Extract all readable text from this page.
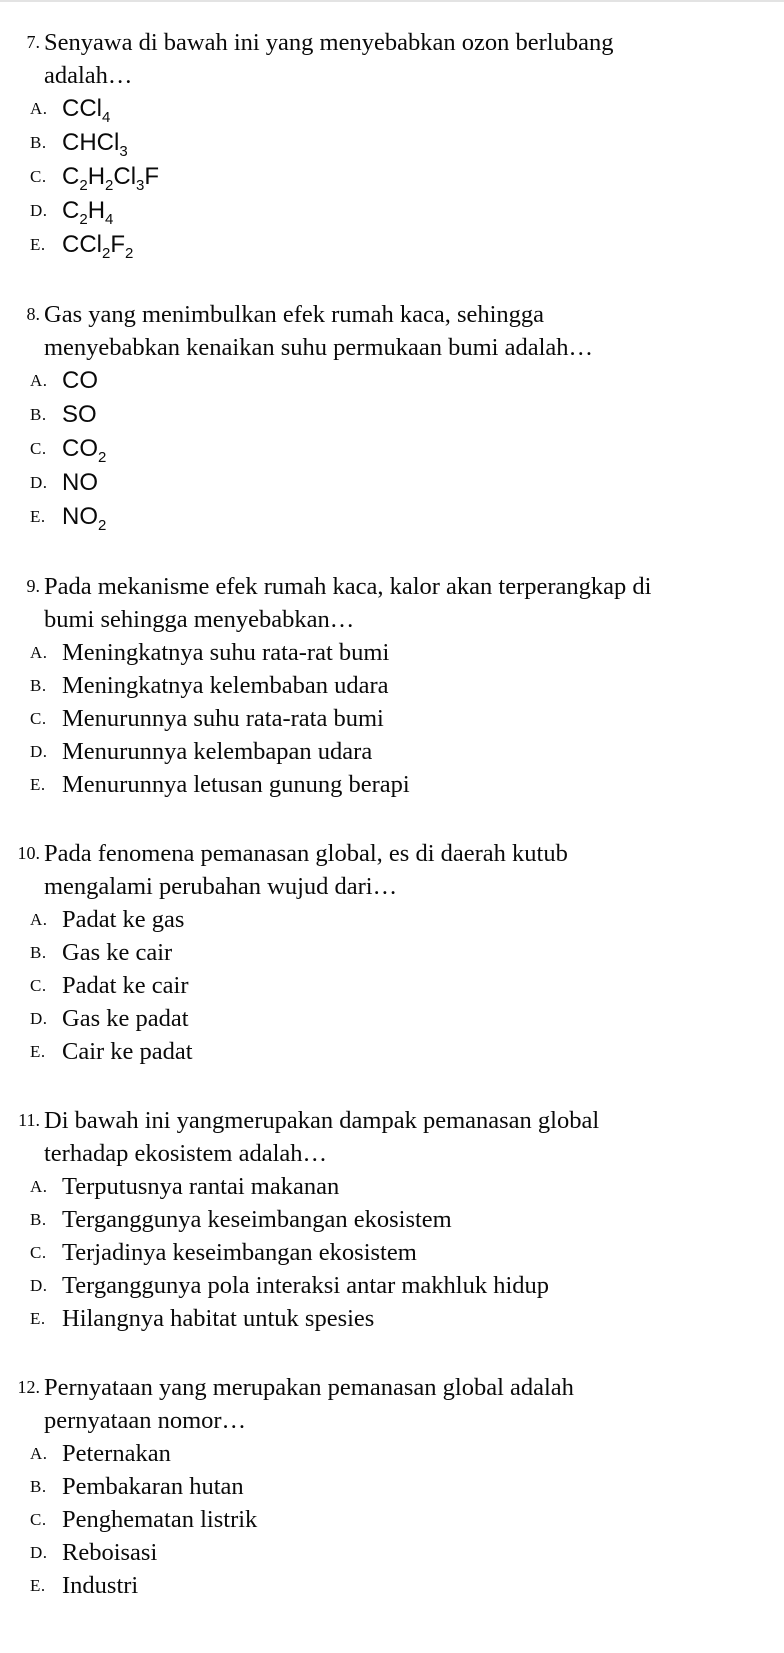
7. Senyawa di bawah ini yang menyebabkan ozon berlubang
adalah…
A. CCl$_4$
B. CHCl$_3$
C. $C_2H_2Cl_3F$
D. $C_2H_4$
E. $CCl_2F_2$
8. Gas yang menimbulkan efek rumah kaca, sehingga
menyebabkan kenaikan suhu permukaan bumi adalah…
A. CO
B. SO
C. $CO_2$
D. NO
E. $NO_2$
9. Pada mekanisme efek rumah kaca, kalor akan terperangkap di
bumi sehingga menyebabkan…
A. Meningkatnya suhu rata-rat bumi
B. Meningkatnya kelembaban udara
C. Menurunnya suhu rata-rata bumi
D. Menurunnya kelembapan udara
E. Menurunnya letusan gunung berapi
10. Pada fenomena pemanasan global, es di daerah kutub
mengalami perubahan wujud dari…
A. Padat ke gas
B. Gas ke cair
C. Padat ke cair
D. Gas ke padat
E. Cair ke padat
11. Di bawah ini yangmerupakan dampak pemanasan global
terhadap ekosistem adalah…
A. Terputusnya rantai makanan
B. Terganggunya keseimbangan ekosistem
C. Terjadinya keseimbangan ekosistem
D. Terganggunya pola interaksi antar makhluk hidup
E. Hilangnya habitat untuk spesies
12. Pernyataan yang merupakan pemanasan global adalah
pernyataan nomor…
A. Peternakan
B. Pembakaran hutan
C. Penghematan listrik
D. Reboisasi
E. Industri
